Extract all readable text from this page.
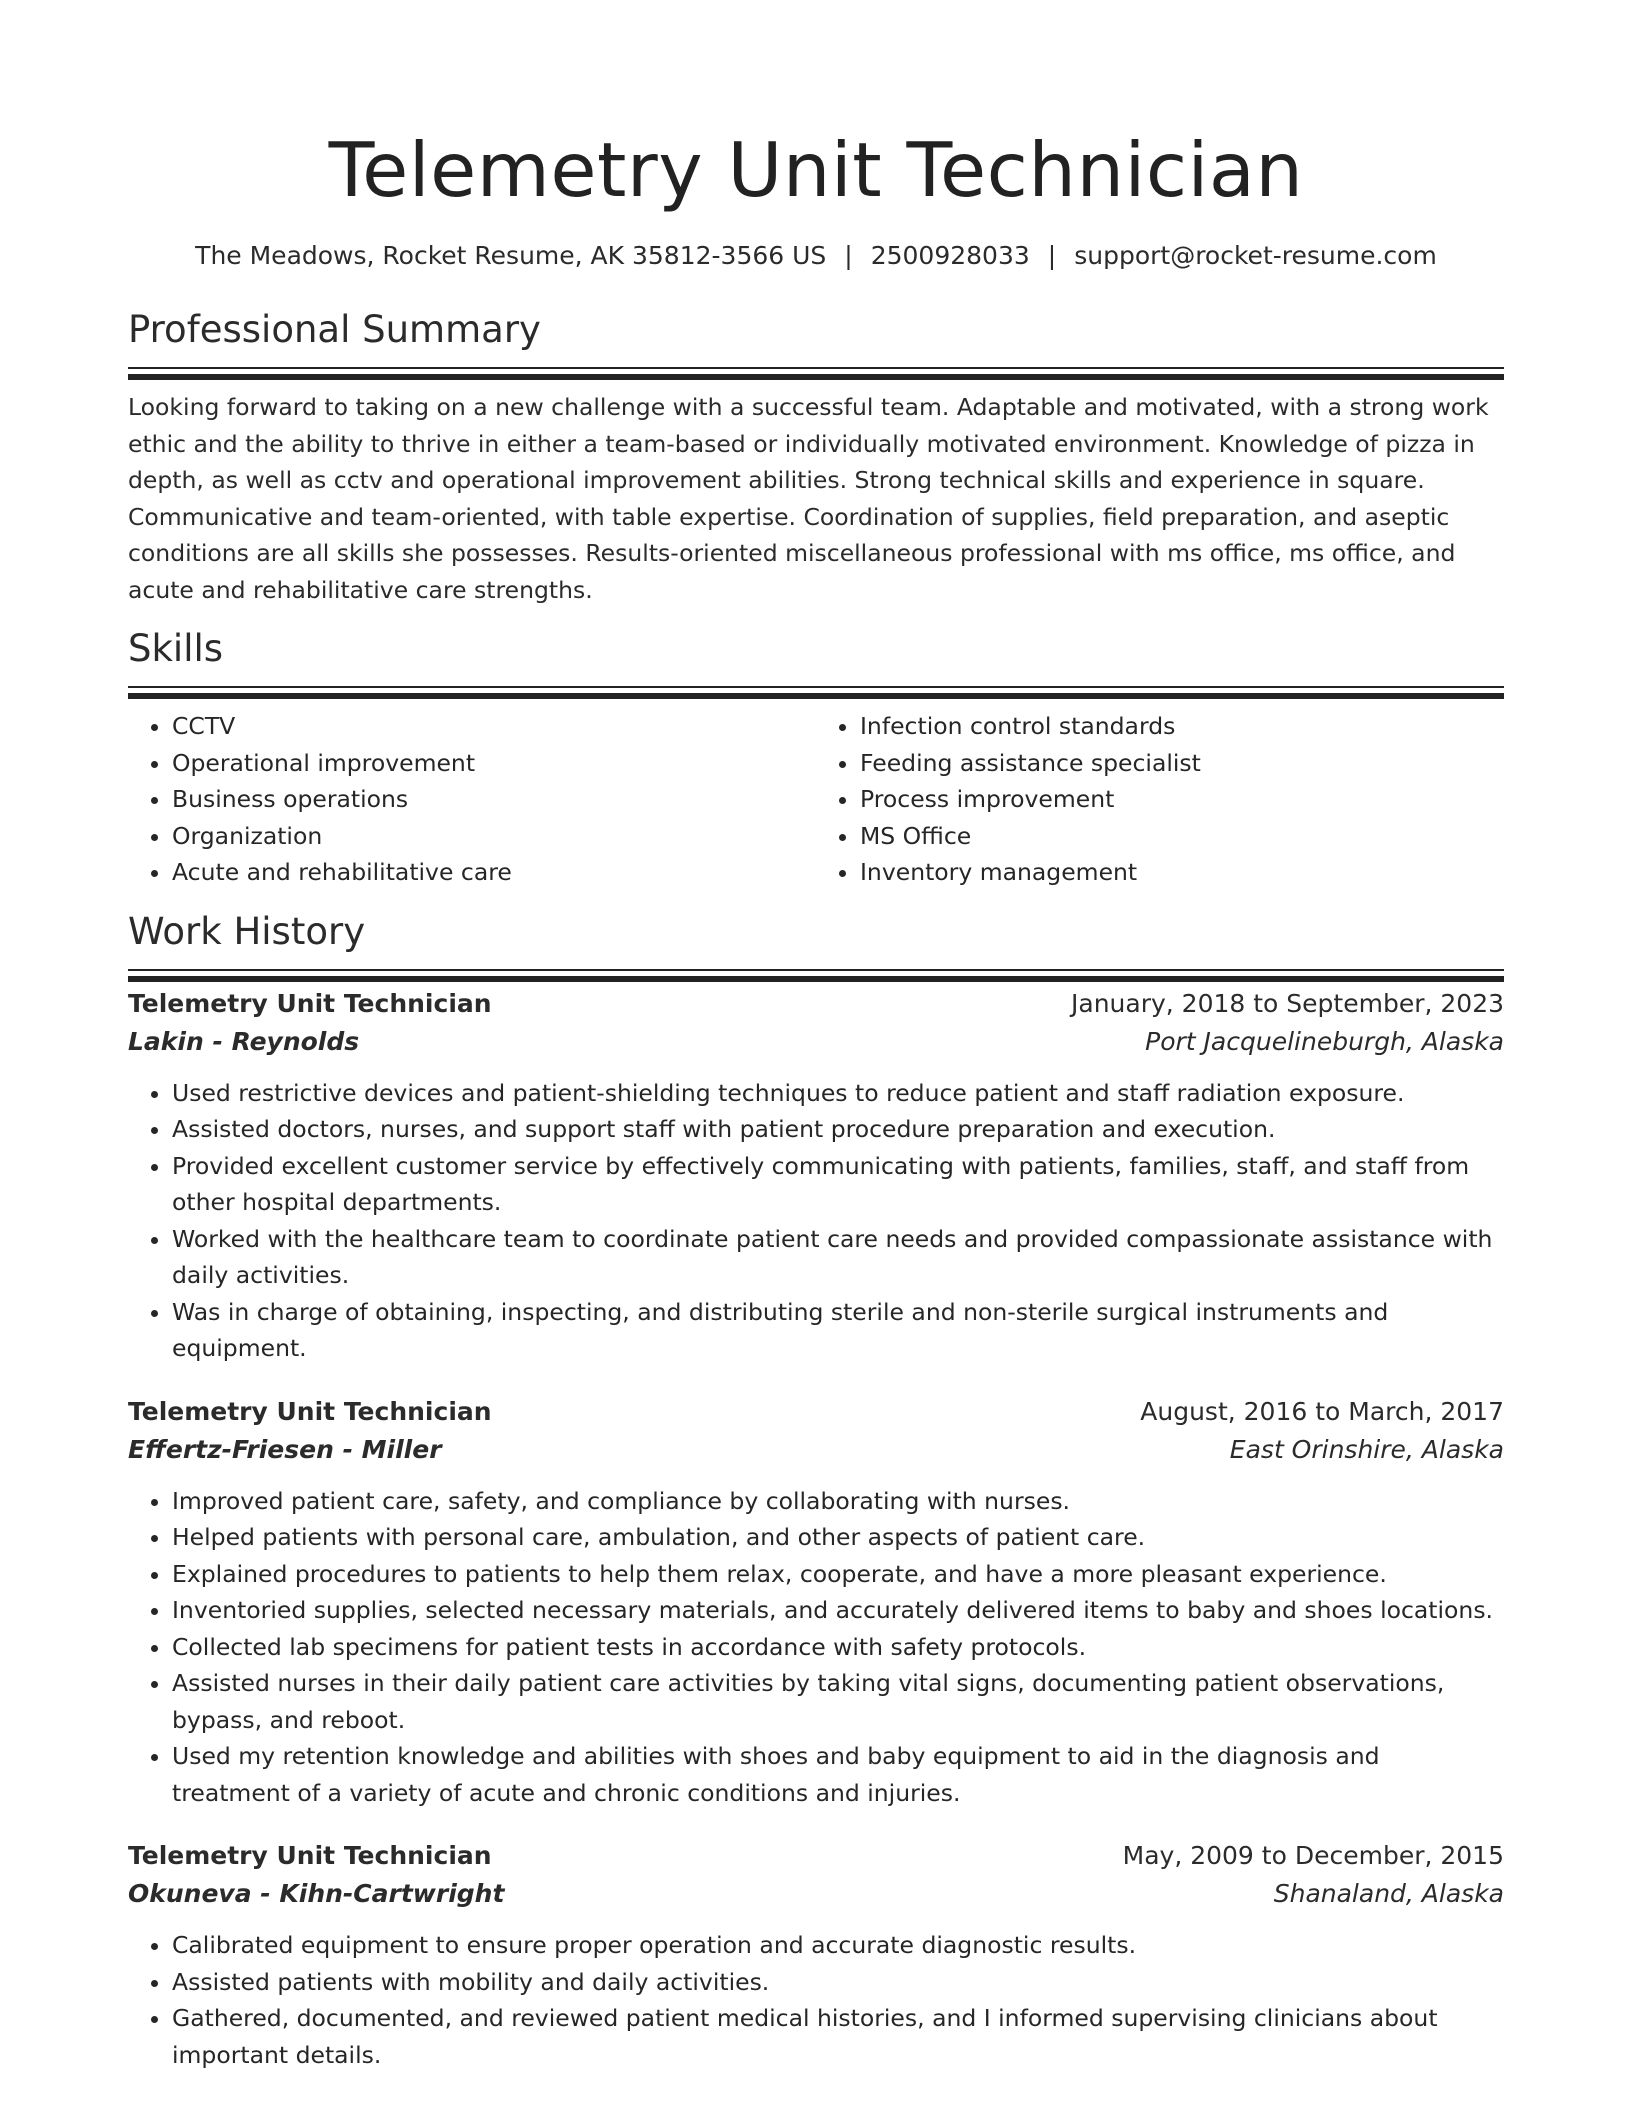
Telemetry Unit Technician
The Meadows, Rocket Resume, AK 35812-3566 US | 2500928033 | support@rocket-resume.com
Professional Summary

Looking forward to taking on a new challenge with a successful team. Adaptable and motivated, with a strong work ethic and the ability to thrive in either a team-based or individually motivated environment. Knowledge of pizza in depth, as well as cctv and operational improvement abilities. Strong technical skills and experience in square. Communicative and team-oriented, with table expertise. Coordination of supplies, field preparation, and aseptic conditions are all skills she possesses. Results-oriented miscellaneous professional with ms office, ms office, and acute and rehabilitative care strengths.

Skills
• CCTV
• Operational improvement
• Business operations
• Organization
• Acute and rehabilitative care
• Infection control standards
• Feeding assistance specialist
• Process improvement
• MS Office
• Inventory management
Work History
Telemetry Unit Technician	January, 2018 to September, 2023
Lakin - Reynolds	Port Jacquelineburgh, Alaska
• Used restrictive devices and patient-shielding techniques to reduce patient and staff radiation exposure.
• Assisted doctors, nurses, and support staff with patient procedure preparation and execution.
• Provided excellent customer service by effectively communicating with patients, families, staff, and staff from other hospital departments.
• Worked with the healthcare team to coordinate patient care needs and provided compassionate assistance with daily activities.
• Was in charge of obtaining, inspecting, and distributing sterile and non-sterile surgical instruments and equipment.
Telemetry Unit Technician	August, 2016 to March, 2017
Effertz-Friesen - Miller	East Orinshire, Alaska
• Improved patient care, safety, and compliance by collaborating with nurses.
• Helped patients with personal care, ambulation, and other aspects of patient care.
• Explained procedures to patients to help them relax, cooperate, and have a more pleasant experience.
• Inventoried supplies, selected necessary materials, and accurately delivered items to baby and shoes locations.
• Collected lab specimens for patient tests in accordance with safety protocols.
• Assisted nurses in their daily patient care activities by taking vital signs, documenting patient observations, bypass, and reboot.
• Used my retention knowledge and abilities with shoes and baby equipment to aid in the diagnosis and treatment of a variety of acute and chronic conditions and injuries.
Telemetry Unit Technician	May, 2009 to December, 2015
Okuneva - Kihn-Cartwright	Shanaland, Alaska
• Calibrated equipment to ensure proper operation and accurate diagnostic results.
• Assisted patients with mobility and daily activities.
• Gathered, documented, and reviewed patient medical histories, and I informed supervising clinicians about important details.
